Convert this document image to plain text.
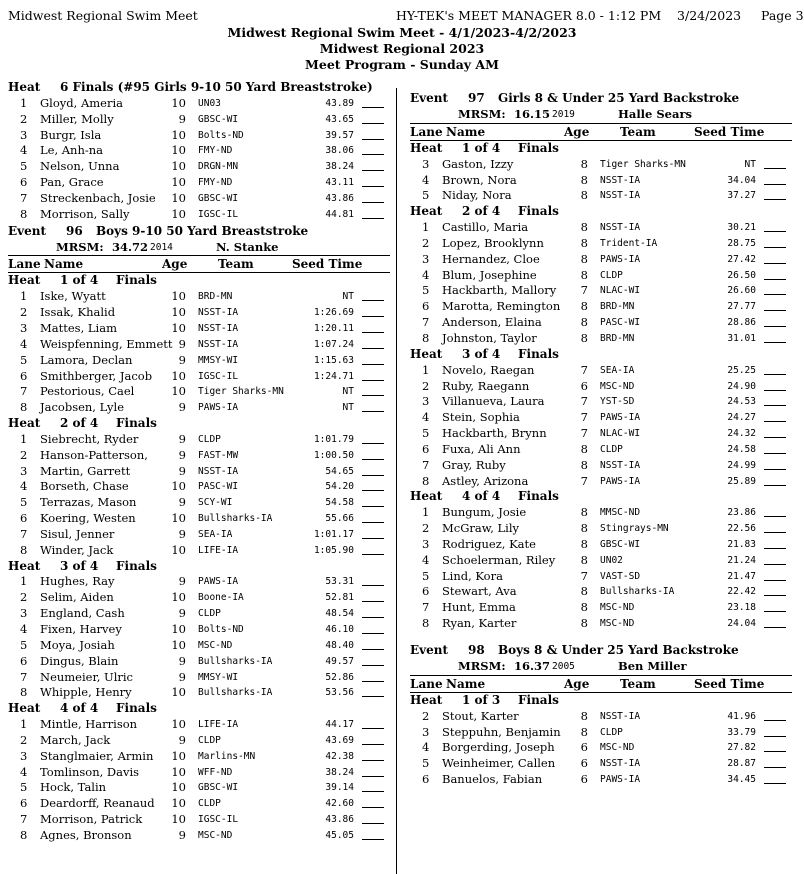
Midwest Regional Swim Meet	HY-TEK's MEET MANAGER 8.0 - 1:12 PM    3/24/2023     Page 3
Midwest Regional Swim Meet - 4/1/2023-4/2/2023
Midwest Regional 2023
Meet Program - Sunday AM
Heat 6 Finals (#95 Girls 9-10 50 Yard Breaststroke)
1 Gloyd, Ameria	10 UN03	43.89
2 Miller, Molly	9 GBSC-WI	43.65
3 Burgr, Isla	10 Bolts-ND	39.57
4 Le, Anh-na	10 FMY-ND	38.06
5 Nelson, Unna	10 DRGN-MN	38.24
6 Pan, Grace	10 FMY-ND	43.11
7 Streckenbach, Josie	10 GBSC-WI	43.86
8 Morrison, Sally	10 IGSC-IL	44.81
Event 96 Boys 9-10 50 Yard Breaststroke
MRSM: 34.72 2014	N. Stanke
Lane Name	Age	Team	Seed Time
Heat 1 of 4 Finals
1 Iske, Wyatt	10 BRD-MN	NT
2 Issak, Khalid	10 NSST-IA	1:26.69
3 Mattes, Liam	10 NSST-IA	1:20.11
4 Weispfenning, Emmett 9 NSST-IA	1:07.24
5 Lamora, Declan	9 MMSY-WI	1:15.63
6 Smithberger, Jacob	10 IGSC-IL	1:24.71
7 Pestorious, Cael	10 Tiger Sharks-MN	NT
8 Jacobsen, Lyle	9 PAWS-IA	NT
Heat 2 of 4 Finals
1 Siebrecht, Ryder	9 CLDP	1:01.79
2 Hanson-Patterson,	9 FAST-MW	1:00.50
3 Martin, Garrett	9 NSST-IA	54.65
4 Borseth, Chase	10 PASC-WI	54.20
5 Terrazas, Mason	9 SCY-WI	54.58
6 Koering, Westen	10 Bullsharks-IA	55.66
7 Sisul, Jenner	9 SEA-IA	1:01.17
8 Winder, Jack	10 LIFE-IA	1:05.90
Heat 3 of 4 Finals
1 Hughes, Ray	9 PAWS-IA	53.31
2 Selim, Aiden	10 Boone-IA	52.81
3 England, Cash	9 CLDP	48.54
4 Fixen, Harvey	10 Bolts-ND	46.10
5 Moya, Josiah	10 MSC-ND	48.40
6 Dingus, Blain	9 Bullsharks-IA	49.57
7 Neumeier, Ulric	9 MMSY-WI	52.86
8 Whipple, Henry	10 Bullsharks-IA	53.56
Heat 4 of 4 Finals
1 Mintle, Harrison	10 LIFE-IA	44.17
2 March, Jack	9 CLDP	43.69
3 Stanglmaier, Armin	10 Marlins-MN	42.38
4 Tomlinson, Davis	10 WFF-ND	38.24
5 Hock, Talin	10 GBSC-WI	39.14
6 Deardorff, Reanaud	10 CLDP	42.60
7 Morrison, Patrick	10 IGSC-IL	43.86
8 Agnes, Bronson	9 MSC-ND	45.05
Event 97 Girls 8 & Under 25 Yard Backstroke
MRSM: 16.15 2019	Halle Sears
Lane Name	Age	Team	Seed Time
Heat 1 of 4 Finals
3 Gaston, Izzy	8 Tiger Sharks-MN	NT
4 Brown, Nora	8 NSST-IA	34.04
5 Niday, Nora	8 NSST-IA	37.27
Heat 2 of 4 Finals
1 Castillo, Maria	8 NSST-IA	30.21
2 Lopez, Brooklynn	8 Trident-IA	28.75
3 Hernandez, Cloe	8 PAWS-IA	27.42
4 Blum, Josephine	8 CLDP	26.50
5 Hackbarth, Mallory	7 NLAC-WI	26.60
6 Marotta, Remington	8 BRD-MN	27.77
7 Anderson, Elaina	8 PASC-WI	28.86
8 Johnston, Taylor	8 BRD-MN	31.01
Heat 3 of 4 Finals
1 Novelo, Raegan	7 SEA-IA	25.25
2 Ruby, Raegann	6 MSC-ND	24.90
3 Villanueva, Laura	7 YST-SD	24.53
4 Stein, Sophia	7 PAWS-IA	24.27
5 Hackbarth, Brynn	7 NLAC-WI	24.32
6 Fuxa, Ali Ann	8 CLDP	24.58
7 Gray, Ruby	8 NSST-IA	24.99
8 Astley, Arizona	7 PAWS-IA	25.89
Heat 4 of 4 Finals
1 Bungum, Josie	8 MMSC-ND	23.86
2 McGraw, Lily	8 Stingrays-MN	22.56
3 Rodriguez, Kate	8 GBSC-WI	21.83
4 Schoelerman, Riley	8 UN02	21.24
5 Lind, Kora	7 VAST-SD	21.47
6 Stewart, Ava	8 Bullsharks-IA	22.42
7 Hunt, Emma	8 MSC-ND	23.18
8 Ryan, Karter	8 MSC-ND	24.04
Event 98 Boys 8 & Under 25 Yard Backstroke
MRSM: 16.37 2005	Ben Miller
Lane Name	Age	Team	Seed Time
Heat 1 of 3 Finals
2 Stout, Karter	8 NSST-IA	41.96
3 Steppuhn, Benjamin	8 CLDP	33.79
4 Borgerding, Joseph	6 MSC-ND	27.82
5 Weinheimer, Callen	6 NSST-IA	28.87
6 Banuelos, Fabian	6 PAWS-IA	34.45
